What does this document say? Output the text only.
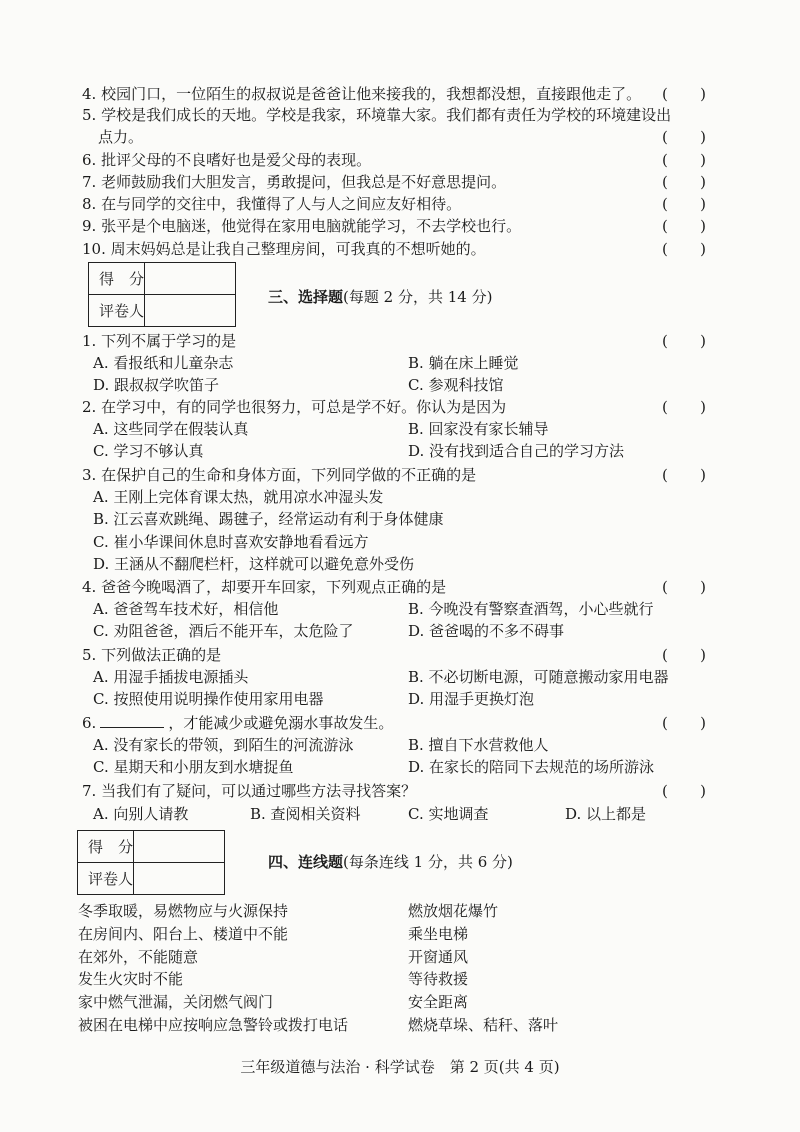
4. 校园门口，一位陌生的叔叔说是爸爸让他来接我的，我想都没想，直接跟他走了。 ( )
5. 学校是我们成长的天地。学校是我家，环境靠大家。我们都有责任为学校的环境建设出
点力。	( )
6. 批评父母的不良嗜好也是爱父母的表现。	( )
7. 老师鼓励我们大胆发言，勇敢提问，但我总是不好意思提问。	( )
8. 在与同学的交往中，我懂得了人与人之间应友好相待。	( )
9. 张平是个电脑迷，他觉得在家用电脑就能学习，不去学校也行。	( )
10. 周末妈妈总是让我自己整理房间，可我真的不想听她的。	( )
得　分	
评卷人	
三、选择题(每题 2 分，共 14 分)
1. 下列不属于学习的是	( )
A. 看报纸和儿童杂志	B. 躺在床上睡觉
D. 跟叔叔学吹笛子	C. 参观科技馆
2. 在学习中，有的同学也很努力，可总是学不好。你认为是因为	( )
A. 这些同学在假装认真	B. 回家没有家长辅导
C. 学习不够认真	D. 没有找到适合自己的学习方法
3. 在保护自己的生命和身体方面，下列同学做的不正确的是	( )
A. 王刚上完体育课太热，就用凉水冲湿头发
B. 江云喜欢跳绳、踢毽子，经常运动有利于身体健康
C. 崔小华课间休息时喜欢安静地看看远方
D. 王涵从不翻爬栏杆，这样就可以避免意外受伤
4. 爸爸今晚喝酒了，却要开车回家，下列观点正确的是	( )
A. 爸爸驾车技术好，相信他	B. 今晚没有警察查酒驾，小心些就行
C. 劝阻爸爸，酒后不能开车，太危险了	D. 爸爸喝的不多不碍事
5. 下列做法正确的是	( )
A. 用湿手插拔电源插头	B. 不必切断电源，可随意搬动家用电器
C. 按照使用说明操作使用家用电器	D. 用湿手更换灯泡
6.	，才能减少或避免溺水事故发生。	( )
A. 没有家长的带领，到陌生的河流游泳	B. 擅自下水营救他人
C. 星期天和小朋友到水塘捉鱼	D. 在家长的陪同下去规范的场所游泳
7. 当我们有了疑问，可以通过哪些方法寻找答案？	( )
A. 向别人请教	B. 查阅相关资料	C. 实地调查	D. 以上都是
得　分	
评卷人	
四、连线题(每条连线 1 分，共 6 分)
冬季取暖，易燃物应与火源保持	燃放烟花爆竹
在房间内、阳台上、楼道中不能	乘坐电梯
在郊外，不能随意	开窗通风
发生火灾时不能	等待救援
家中燃气泄漏，关闭燃气阀门	安全距离
被困在电梯中应按响应急警铃或拨打电话	燃烧草垛、秸秆、落叶
三年级道德与法治 · 科学试卷　第 2 页(共 4 页)
